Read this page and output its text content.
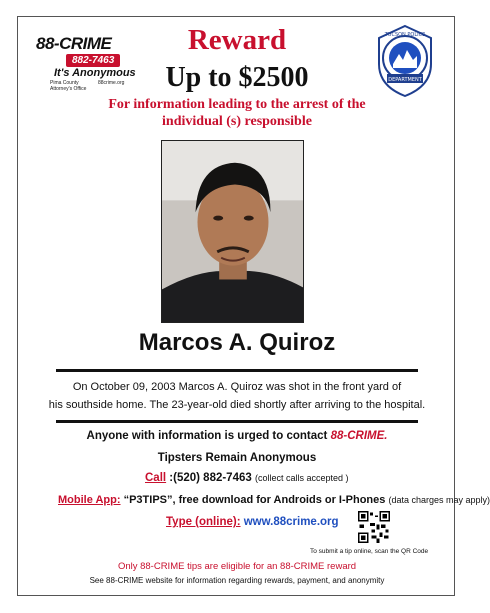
88-CRIME
882-7463
It's Anonymous
Pima County Attorney's Office
88crime.org	DEPARTMENT
TUCSON POLICE
Reward
Up to $2500
For information leading to the arrest of the
individual (s) responsible
Marcos A. Quiroz
On October 09, 2003 Marcos A. Quiroz was shot in the front yard of
his southside home. The 23-year-old died shortly after arriving to the hospital.
Anyone with information is urged to contact 88-CRIME.
Tipsters Remain Anonymous
Call :(520) 882-7463 (collect calls accepted )
Mobile App: “P3TIPS”, free download for Androids or I-Phones (data charges may apply)
Type (online): www.88crime.org
To submit a tip online, scan the QR Code
Only 88-CRIME tips are eligible for an 88-CRIME reward
See 88-CRIME website for information regarding rewards, payment, and anonymity
